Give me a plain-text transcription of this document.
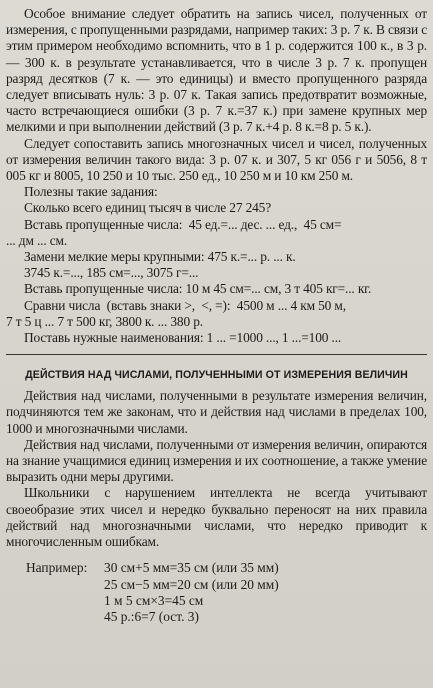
Особое внимание следует обратить на запись чисел, полученных от измерения, с пропущенными разрядами, например таких: 3 р. 7 к. В связи с этим примером необходимо вспомнить, что в 1 р. содержится 100 к., в 3 р. — 300 к. в результате устанавливается, что в числе 3 р. 7 к. пропущен разряд десятков (7 к. — это единицы) и вместо пропущенного разряда следует вписывать нуль: 3 р. 07 к. Такая запись предотвратит возможные, часто встречающиеся ошибки (3 р. 7 к.=37 к.) при замене крупных мер мелкими и при выполнении действий (3 р. 7 к.+4 р. 8 к.=8 р. 5 к.).

Следует сопоставить запись многозначных чисел и чисел, полученных от измерения величин такого вида: 3 р. 07 к. и 307, 5 кг 056 г и 5056, 8 т 005 кг и 8005, 10 250 и 10 тыс. 250 ед., 10 250 м и 10 км 250 м.

Полезны такие задания:
Сколько всего единиц тысяч в числе 27 245?
Вставь пропущенные числа:  45 ед.=... дес. ... ед.,  45 см=
... дм ... см.
Замени мелкие меры крупными: 475 к.=... р. ... к.
3745 к.=..., 185 см=..., 3075 г=...
Вставь пропущенные числа: 10 м 45 см=... см, 3 т 405 кг=... кг.
Сравни числа  (вставь знаки >,  <, =):  4500 м ... 4 км 50 м,
7 т 5 ц ... 7 т 500 кг, 3800 к. ... 380 р.
Поставь нужные наименования: 1 ... =1000 ..., 1 ...=100 ...
ДЕЙСТВИЯ НАД ЧИСЛАМИ, ПОЛУЧЕННЫМИ ОТ ИЗМЕРЕНИЯ ВЕЛИЧИН

Действия над числами, полученными в результате измерения величин, подчиняются тем же законам, что и действия над числами в пределах 100, 1000 и многозначными числами.

Действия над числами, полученными от измерения величин, опираются на знание учащимися единиц измерения и их соотношение, а также умение выразить одни меры другими.

Школьники с нарушением интеллекта не всегда учитывают своеобразие этих чисел и нередко буквально переносят на них правила действий над многозначными числами, что нередко приводит к многочисленным ошибкам.

Например:	30 см+5 мм=35 см (или 35 мм)
25 см−5 мм=20 см (или 20 мм)
1 м 5 см×3=45 см
45 р.:6=7 (ост. 3)
